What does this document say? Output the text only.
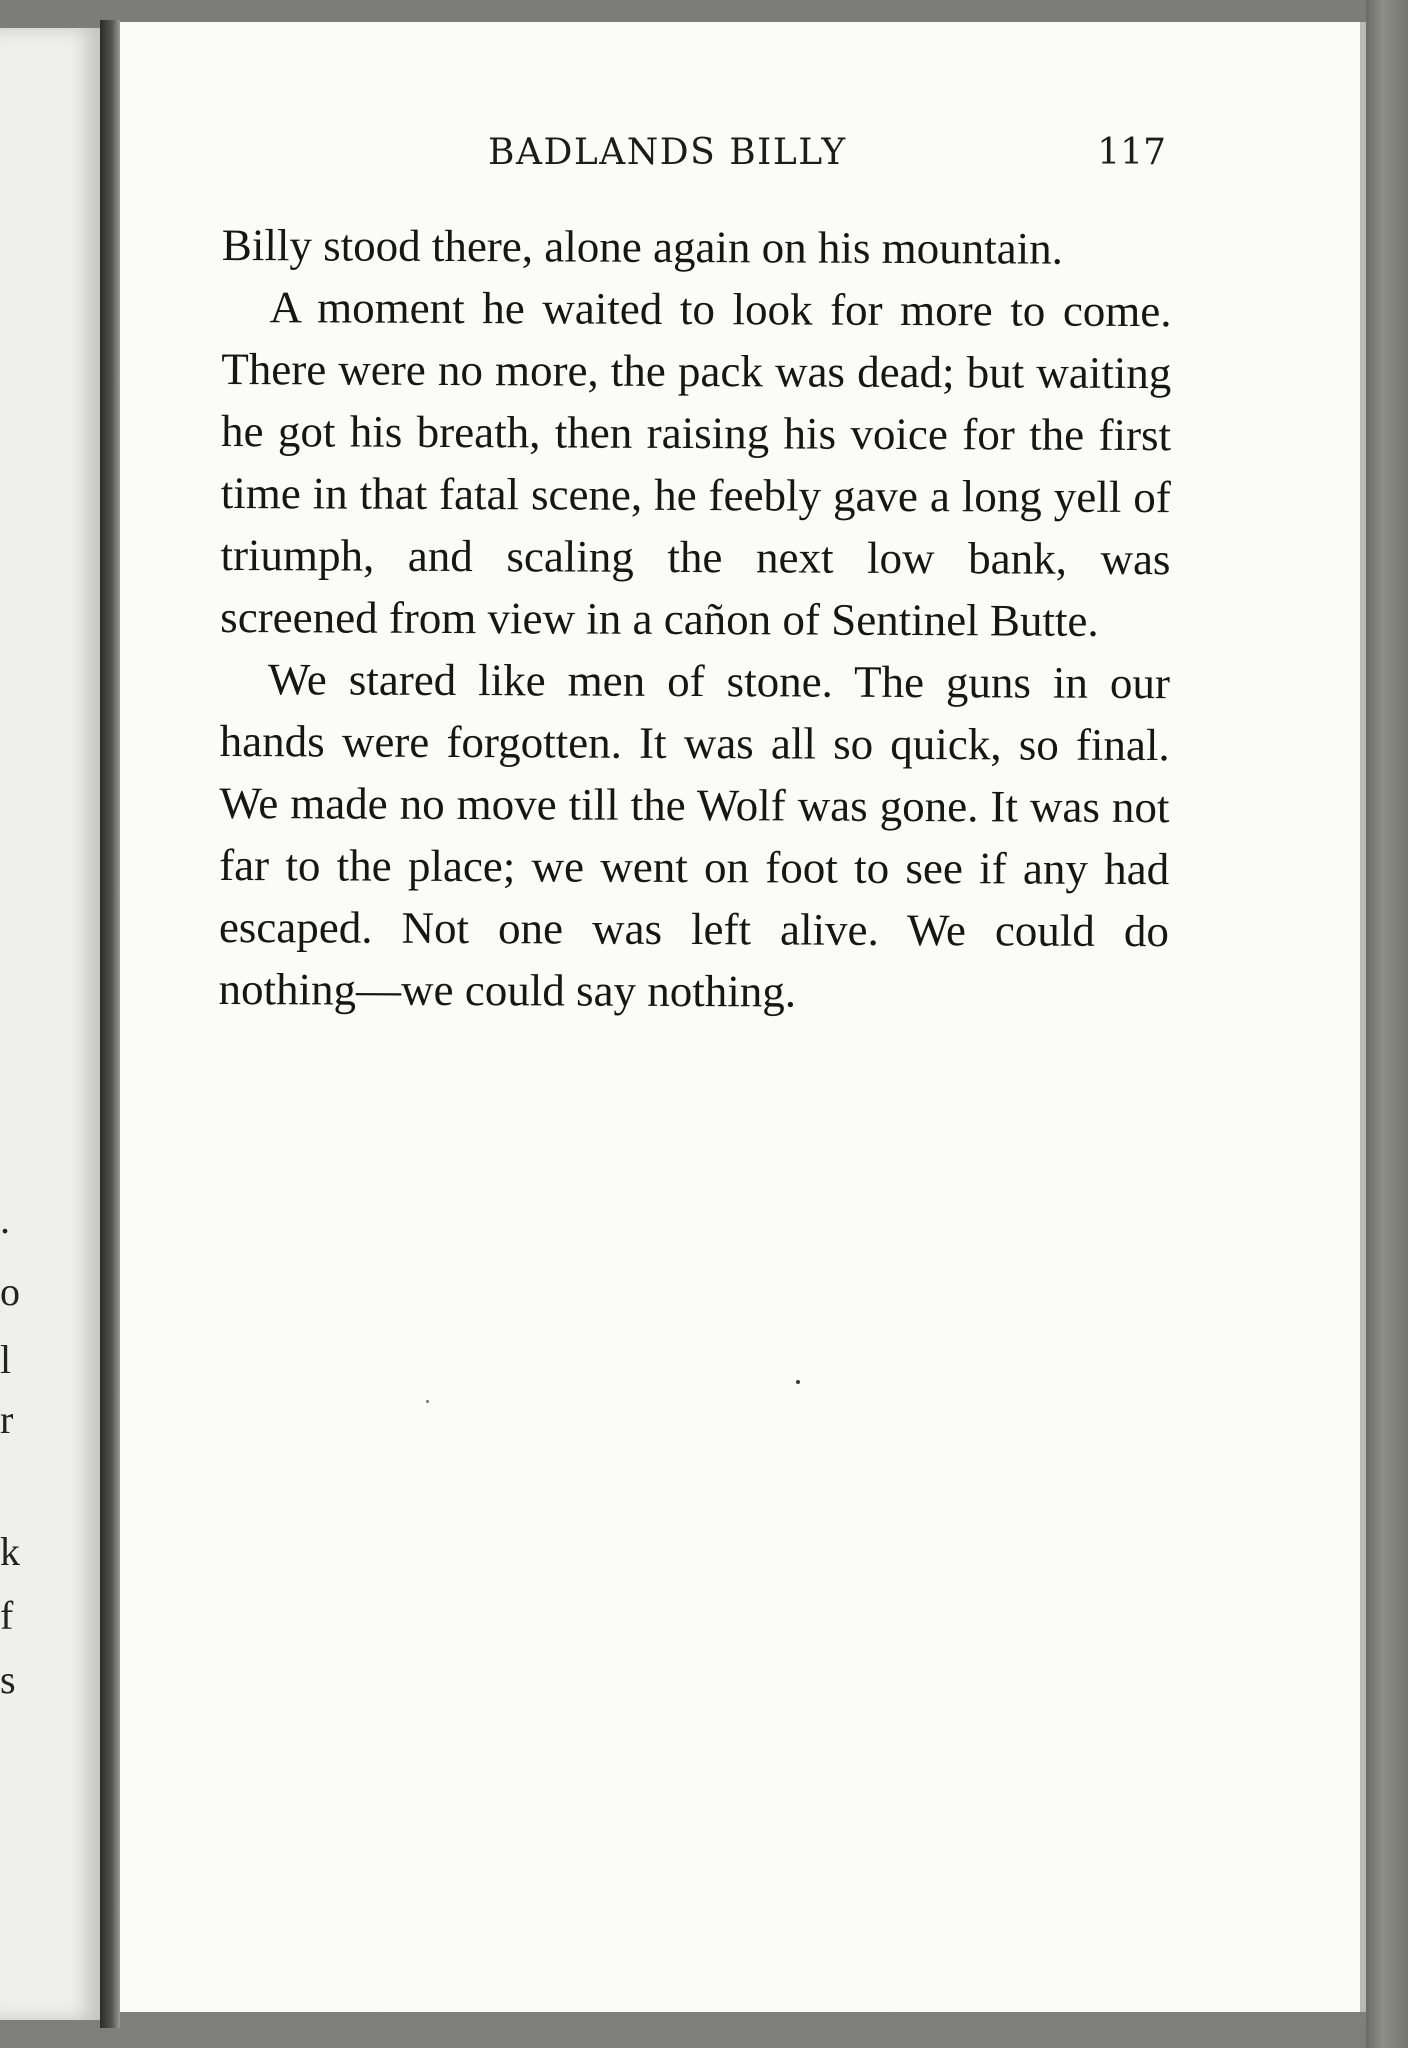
.
o
l
r
k
f
s
BADLANDS BILLY	117

Billy stood there, alone again on his mountain.

A moment he waited to look for more to come. There were no more, the pack was dead; but waiting he got his breath, then raising his voice for the first time in that fatal scene, he feebly gave a long yell of triumph, and scaling the next low bank, was screened from view in a cañon of Sentinel Butte.

We stared like men of stone. The guns in our hands were forgotten. It was all so quick, so final. We made no move till the Wolf was gone. It was not far to the place; we went on foot to see if any had escaped. Not one was left alive. We could do nothing—we could say nothing.
